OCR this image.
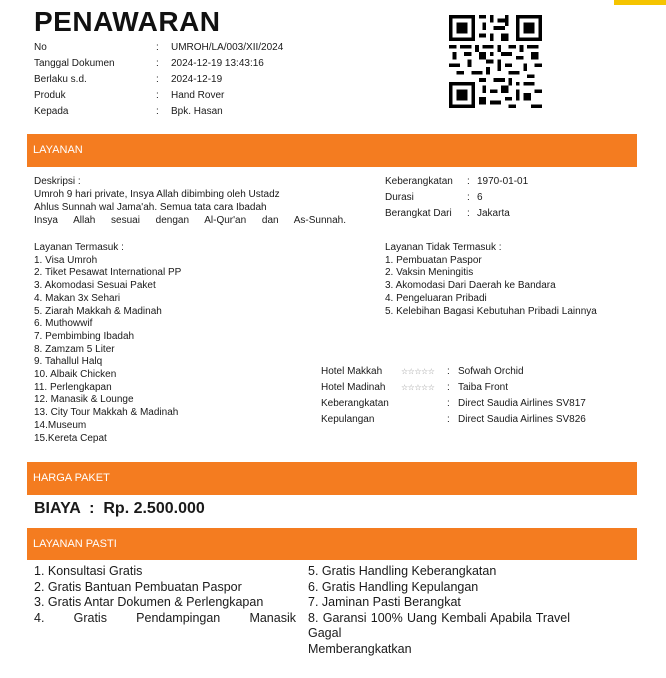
PENAWARAN
No	:	UMROH/LA/003/XII/2024
Tanggal Dokumen	:	2024-12-19 13:43:16
Berlaku s.d.	:	2024-12-19
Produk	:	Hand Rover
Kepada	:	Bpk. Hasan
LAYANAN
Deskripsi :
Umroh 9 hari private, Insya Allah dibimbing oleh Ustadz
Ahlus Sunnah wal Jama'ah. Semua tata cara Ibadah
Insya Allah sesuai dengan Al-Qur'an dan As-Sunnah.
Keberangkatan	: 1970-01-01
Durasi	: 6
Berangkat Dari	: Jakarta
Layanan Termasuk :
1. Visa Umroh
2. Tiket Pesawat International PP
3. Akomodasi Sesuai Paket
4. Makan 3x Sehari
5. Ziarah Makkah & Madinah
6. Muthowwif
7. Pembimbing Ibadah
8. Zamzam 5 Liter
9. Tahallul Halq
10. Albaik Chicken
11. Perlengkapan
12. Manasik & Lounge
13. City Tour Makkah & Madinah
14.Museum
15.Kereta Cepat
Layanan Tidak Termasuk :
1. Pembuatan Paspor
2. Vaksin Meningitis
3. Akomodasi Dari Daerah ke Bandara
4. Pengeluaran Pribadi
5. Kelebihan Bagasi Kebutuhan Pribadi Lainnya
Hotel Makkah	☆☆☆☆☆	: Sofwah Orchid
Hotel Madinah	☆☆☆☆☆	: Taiba Front
Keberangkatan	: Direct Saudia Airlines SV817
Kepulangan	: Direct Saudia Airlines SV826
HARGA PAKET
BIAYA : Rp. 2.500.000
LAYANAN PASTI
1. Konsultasi Gratis
2. Gratis Bantuan Pembuatan Paspor
3. Gratis Antar Dokumen & Perlengkapan
4. Gratis Pendampingan Manasik
5. Gratis Handling Keberangkatan
6. Gratis Handling Kepulangan
7. Jaminan Pasti Berangkat
8. Garansi 100% Uang Kembali Apabila Travel Gagal
Memberangkatkan
